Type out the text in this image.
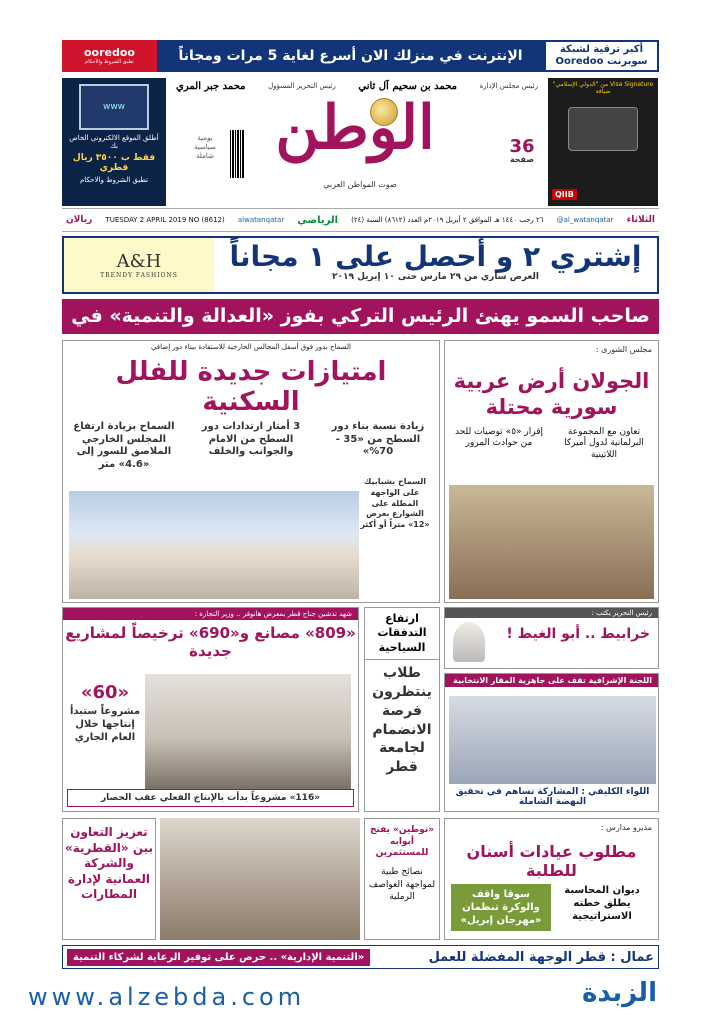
أكبر ترقية لشبكة سوبرنت Ooredoo
الإنترنت في منزلك الان أسرع لغاية 5 مرات ومجاناً
ooredoo
تطبق الشروط والأحكام
www
أطلق الموقع الالكتروني الخاص بك
فقط ب ٣٥٠٠ ريال قطري
تطبق الشروط والاحكام
رئيس مجلس الإدارة
محمد بن سحيم آل ثاني
رئيس التحرير المسؤول
محمد جبر المري
الوطن
صوت المواطن العربي
36
صفحة
يومية
سياسية
شاملة
Visa Signature من "الدولي الإسلامي" ضيافة
QIIB
ريالان TUESDAY 2 APRIL 2019 NO (8612) alwatanqatar الرياضي ٢٦ رجب ١٤٤٠ هـ الموافق ٢ أبريل ٢٠١٩م العدد (٨٦١٢) السنة (٢٤) @al_watanqatar الثلاثاء
A&H
TRENDY FASHIONS
إشتري ٢ و أحصل على ١ مجاناً
العرض ساري من ٢٩ مارس حتى ١٠ إبريل ٢٠١٩
صاحب السمو يهنئ الرئيس التركي بفوز «العدالة والتنمية» في الانتخابات	مجلس الشورى :
الجولان أرض عربية سورية محتلة
تعاون مع المجموعة البرلمانية لدول أميركا اللاتينية
إقرار «٥» توصيات للحد من حوادث المرور
السماح بدور فوق أسفل المجالس الخارجية للاستفادة ببناء دور إضافي
امتيازات جديدة للفلل السكنية
زيادة نسبة بناء دور السطح من «35 - 70%»
3 أمتار ارتدادات دور السطح من الامام والجوانب والخلف
السماح بزيادة ارتفاع المجلس الخارجي الملاصق للسور إلى «4.6» متر
السماح بشبابيك على الواجهة المطلة على الشوارع بعرض «12» متراً أو أكثر
شهد تدشين جناح قطر بمعرض هانوفر .. وزير التجارة :
«809» مصانع و«690» ترخيصاً لمشاريع جديدة
«60»
مشروعاً ستبدأ إنتاجها خلال العام الجاري
«116» مشروعاً بدأت بالإنتاج الفعلي عقب الحصار
ارتفاع التدفقات السياحية
طلاب ينتظرون فرصة الانضمام لجامعة قطر
رئيس التحرير يكتب :
خرابيط .. أبو الغيط !
اللجنة الإشرافية تقف على جاهزية المقار الانتخابية
اللواء الكليفي : المشاركة تساهم في تحقيق النهضة الشاملة
تعزيز التعاون بين «القطرية» والشركة العمانية لإدارة المطارات
«توطين» يفتح أبوابه للمستثمرين

نصائح طبية لمواجهة العواصف الرملية

مديرو مدارس :
مطلوب عيادات أسنان للطلبة
ديوان المحاسبة يطلق خطته الاستراتيجية
سوقا واقف والوكرة تنظمان «مهرجان إبريل»
عمال : قطر الوجهة المفضلة للعمل
«التنمية الإدارية» .. حرص على توفير الرعاية لشركاء التنمية
www.alzebda.com	الزبدة
